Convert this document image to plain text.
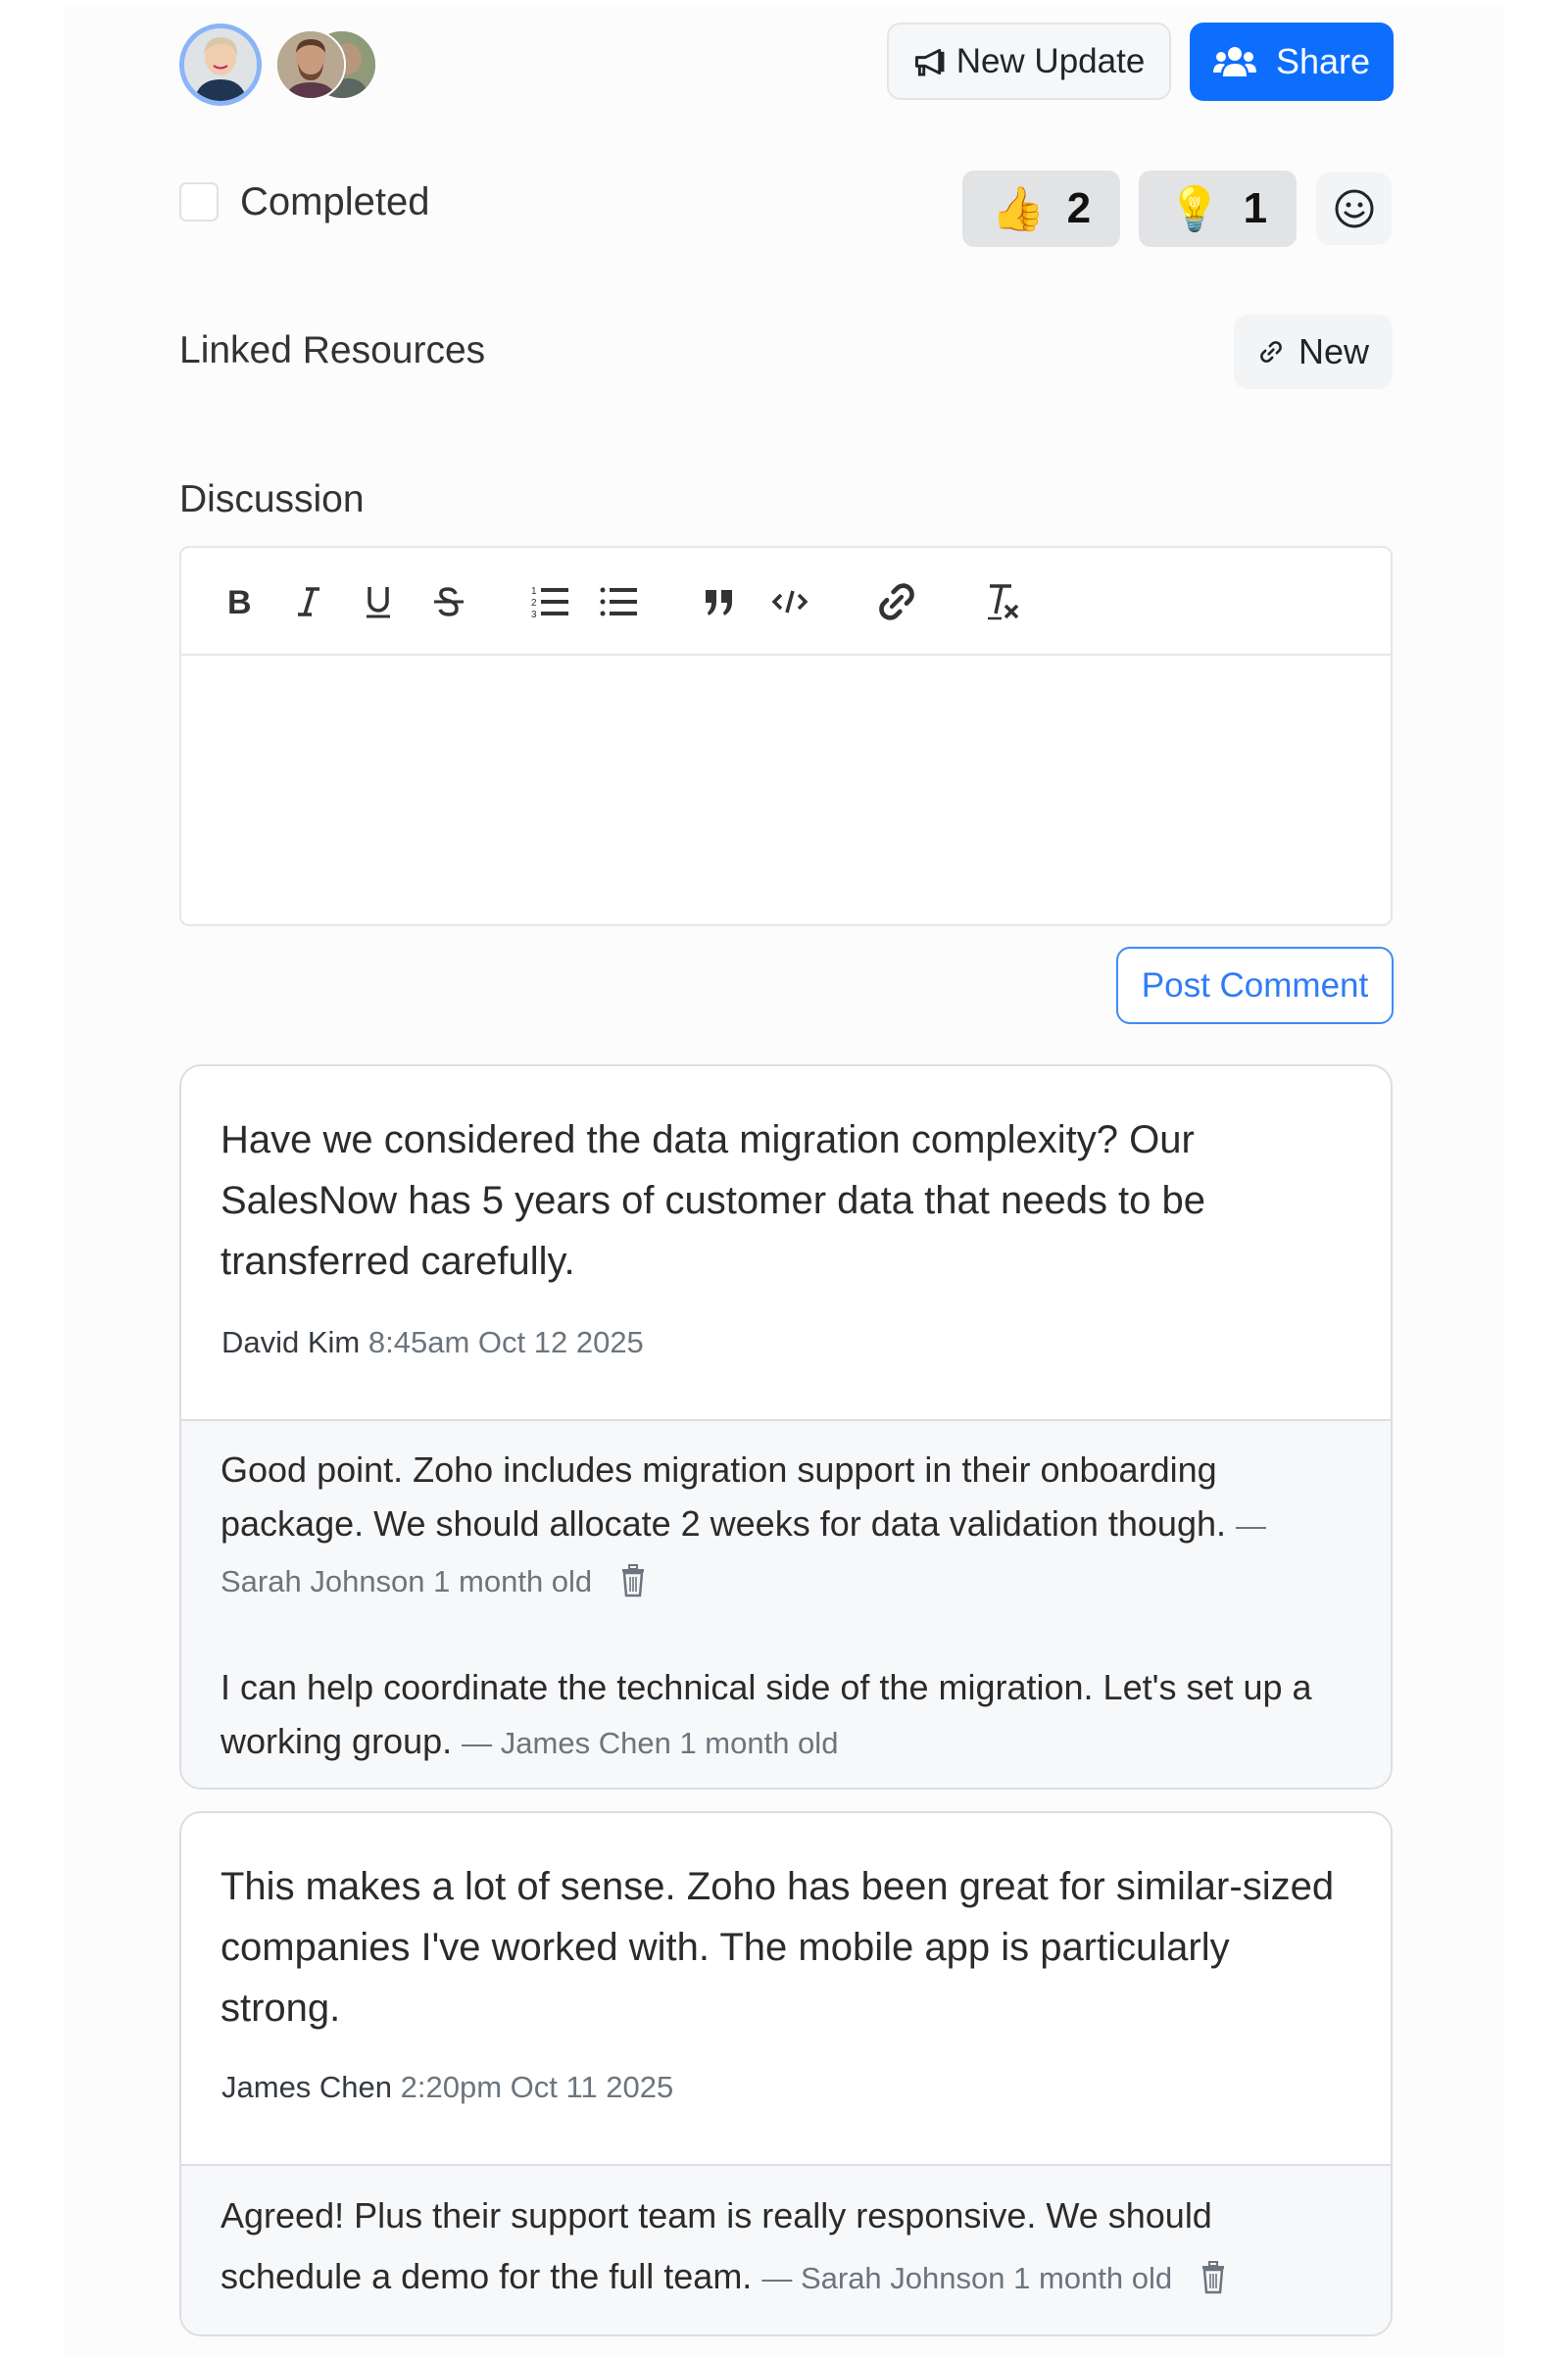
New Update	Share
Completed	👍 2 💡 1
Linked Resources	New
Discussion
B	1
2
3
Post Comment
Have we considered the data migration complexity? Our SalesNow has 5 years of customer data that needs to be transferred carefully.
David Kim 8:45am Oct 12 2025
Good point. Zoho includes migration support in their onboarding package. We should allocate 2 weeks for data validation though. — Sarah Johnson 1 month old
I can help coordinate the technical side of the migration. Let's set up a working group. — James Chen 1 month old
This makes a lot of sense. Zoho has been great for similar-sized companies I've worked with. The mobile app is particularly strong.
James Chen 2:20pm Oct 11 2025
Agreed! Plus their support team is really responsive. We should schedule a demo for the full team. — Sarah Johnson 1 month old
